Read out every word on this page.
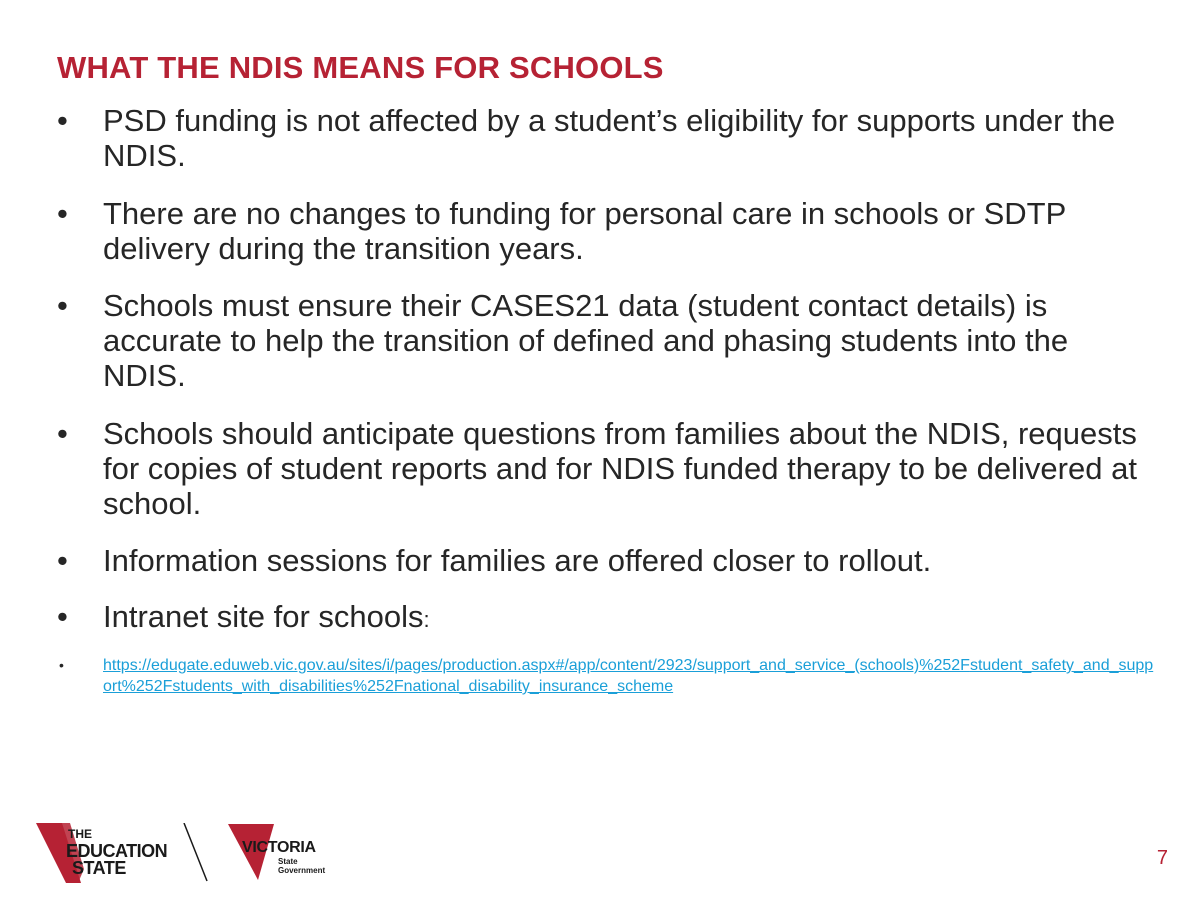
WHAT THE NDIS MEANS FOR SCHOOLS
•	PSD funding is not affected by a student’s eligibility for supports under the NDIS.
•	There are no changes to funding for personal care in schools or SDTP delivery during the transition years.
•	Schools must ensure their CASES21 data (student contact details) is accurate to help the transition of defined and phasing students into the NDIS.
•	Schools should anticipate questions from families about the NDIS, requests for copies of student reports and for NDIS funded therapy to be delivered at school.
•	Information sessions for families are offered closer to rollout.
•	Intranet site for schools:
• https://edugate.eduweb.vic.gov.au/sites/i/pages/production.aspx#/app/content/2923/support_and_service_(schools)%252Fstudent_safety_and_support%252Fstudents_with_disabilities%252Fnational_disability_insurance_scheme
THE
EDUCATION
STATE
VICTORIA
State
Government
7
